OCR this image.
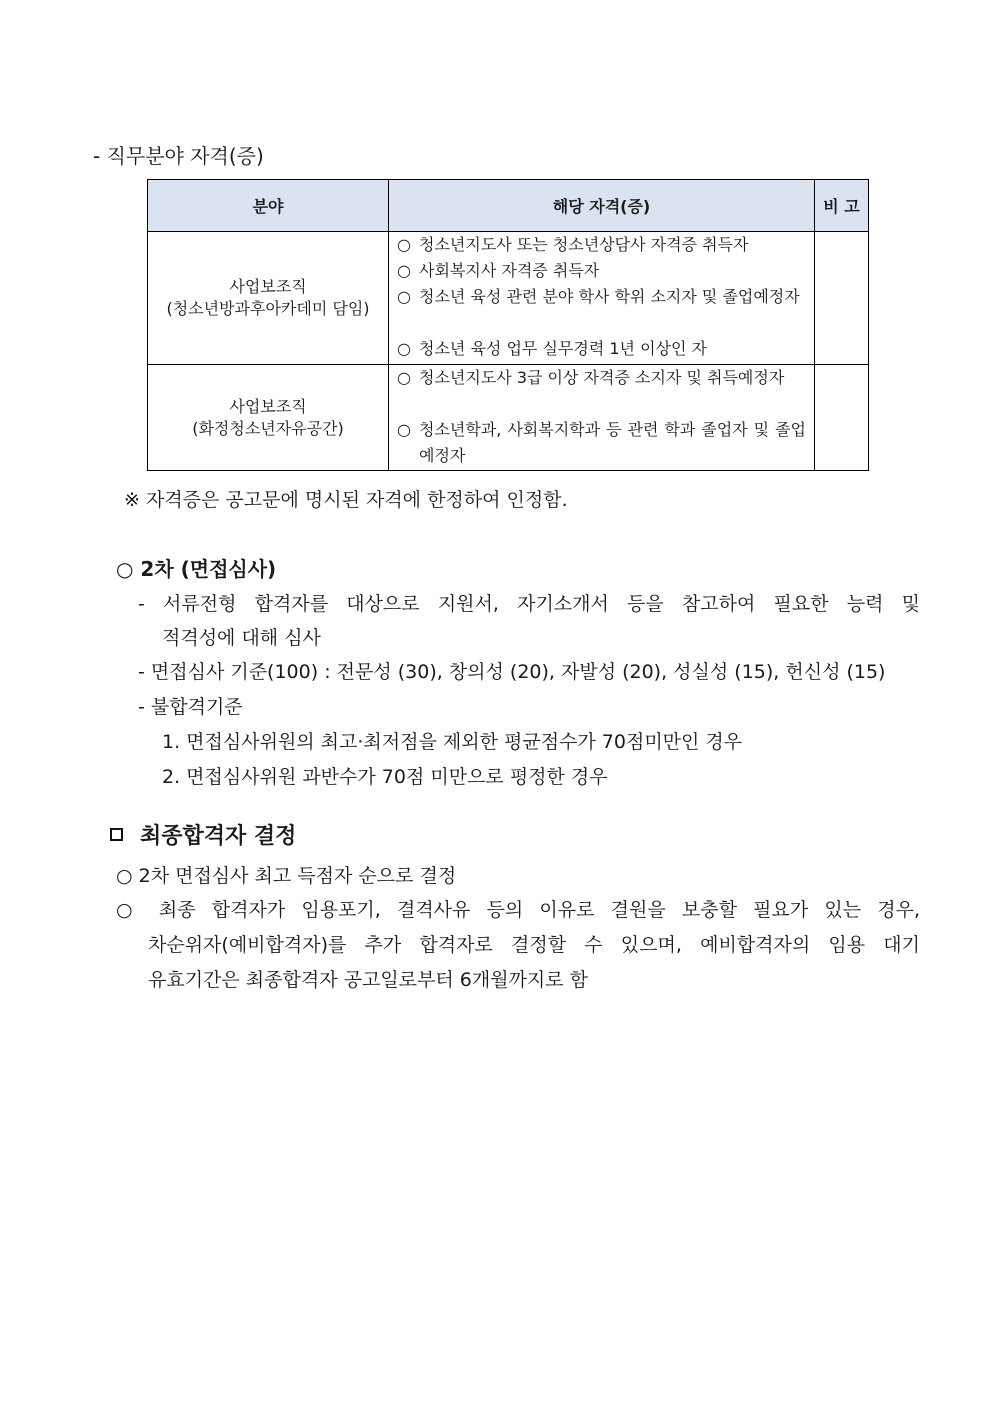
- 직무분야 자격(증)
분야	해당 자격(증)	비 고
사업보조직
(청소년방과후아카데미 담임)
○ 청소년지도사 또는 청소년상담사 자격증 취득자
○ 사회복지사 자격증 취득자
○ 청소년 육성 관련 분야 학사 학위 소지자 및 졸업예정자
○ 청소년 육성 업무 실무경력 1년 이상인 자
사업보조직
(화정청소년자유공간)
○ 청소년지도사 3급 이상 자격증 소지자 및 취득예정자
○ 청소년학과, 사회복지학과 등 관련 학과 졸업자 및 졸업예정자
※ 자격증은 공고문에 명시된 자격에 한정하여 인정함.
○ 2차 (면접심사)
- 서류전형 합격자를 대상으로 지원서, 자기소개서 등을 참고하여 필요한 능력 및
적격성에 대해 심사
- 면접심사 기준(100) : 전문성 (30), 창의성 (20), 자발성 (20), 성실성 (15), 헌신성 (15)
- 불합격기준
1. 면접심사위원의 최고·최저점을 제외한 평균점수가 70점미만인 경우
2. 면접심사위원 과반수가 70점 미만으로 평정한 경우
최종합격자 결정
○ 2차 면접심사 최고 득점자 순으로 결정
○ 최종 합격자가 임용포기, 결격사유 등의 이유로 결원을 보충할 필요가 있는 경우,
차순위자(예비합격자)를 추가 합격자로 결정할 수 있으며, 예비합격자의 임용 대기
유효기간은 최종합격자 공고일로부터 6개월까지로 함
